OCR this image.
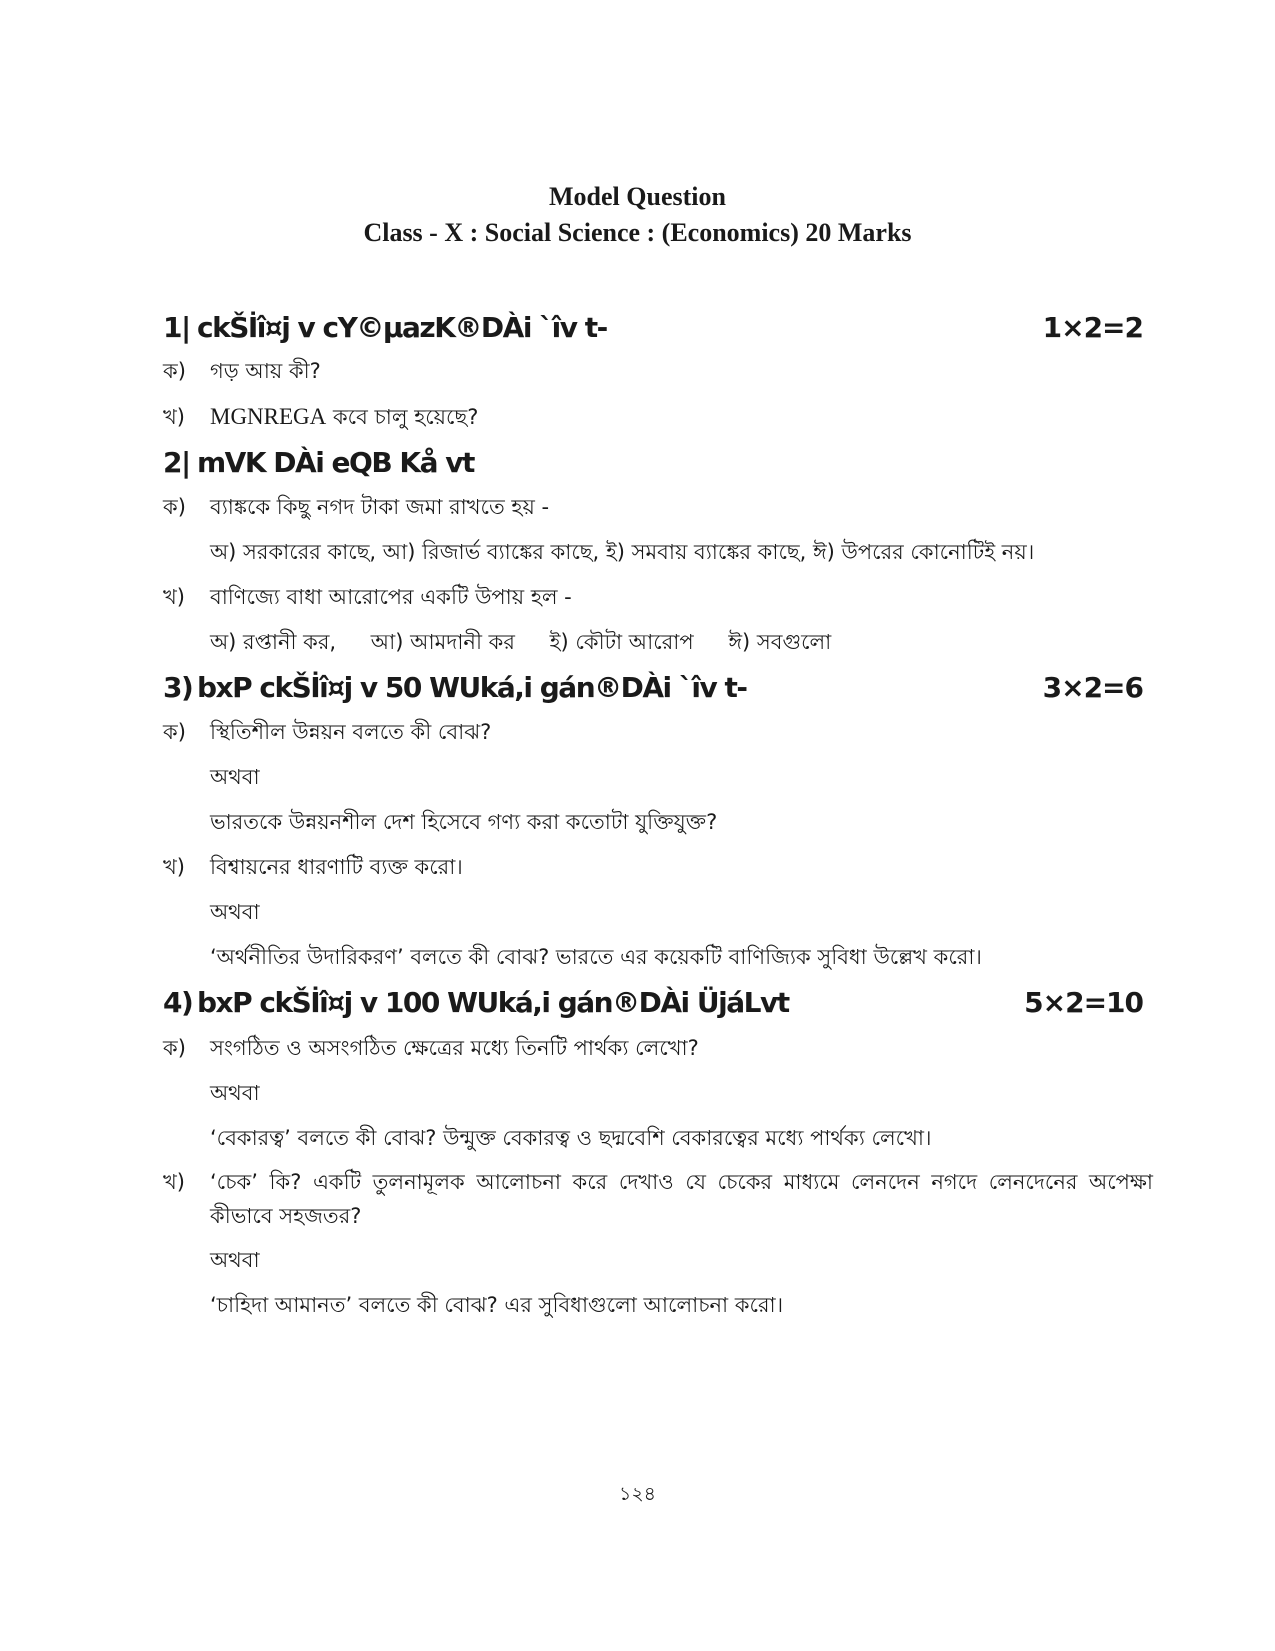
Model Question
Class - X : Social Science : (Economics) 20 Marks
1| ckŠİî¤j v cY©µazK®DÀi `îv t-	1×2=2
ক)	গড় আয় কী?
খ)	MGNREGA কবে চালু হয়েছে?
2| mVK DÀi eQB Kå vt
ক)	ব্যাঙ্ককে কিছু নগদ টাকা জমা রাখতে হয় -
অ) সরকারের কাছে, আ) রিজার্ভ ব্যাঙ্কের কাছে, ই) সমবায় ব্যাঙ্কের কাছে, ঈ) উপরের কোনোটিই নয়।
খ)	বাণিজ্যে বাধা আরোপের একটি উপায় হল -
অ) রপ্তানী কর, আ) আমদানী কর ই) কৌটা আরোপ ঈ) সবগুলো
3) bxP ckŠİî¤j v 50 WUká,i gán®DÀi `îv t-	3×2=6
ক)	স্থিতিশীল উন্নয়ন বলতে কী বোঝ?
অথবা
ভারতকে উন্নয়নশীল দেশ হিসেবে গণ্য করা কতোটা যুক্তিযুক্ত?
খ)	বিশ্বায়নের ধারণাটি ব্যক্ত করো।
অথবা
‘অর্থনীতির উদারিকরণ’ বলতে কী বোঝ? ভারতে এর কয়েকটি বাণিজ্যিক সুবিধা উল্লেখ করো।
4) bxP ckŠİî¤j v 100 WUká,i gán®DÀi ÜjáLvt	5×2=10
ক)	সংগঠিত ও অসংগঠিত ক্ষেত্রের মধ্যে তিনটি পার্থক্য লেখো?
অথবা
‘বেকারত্ব’ বলতে কী বোঝ? উন্মুক্ত বেকারত্ব ও ছদ্মবেশি বেকারত্বের মধ্যে পার্থক্য লেখো।
খ)	‘চেক’ কি? একটি তুলনামূলক আলোচনা করে দেখাও যে চেকের মাধ্যমে লেনদেন নগদে লেনদেনের অপেক্ষা কীভাবে সহজতর?
অথবা
‘চাহিদা আমানত’ বলতে কী বোঝ? এর সুবিধাগুলো আলোচনা করো।
১২৪
